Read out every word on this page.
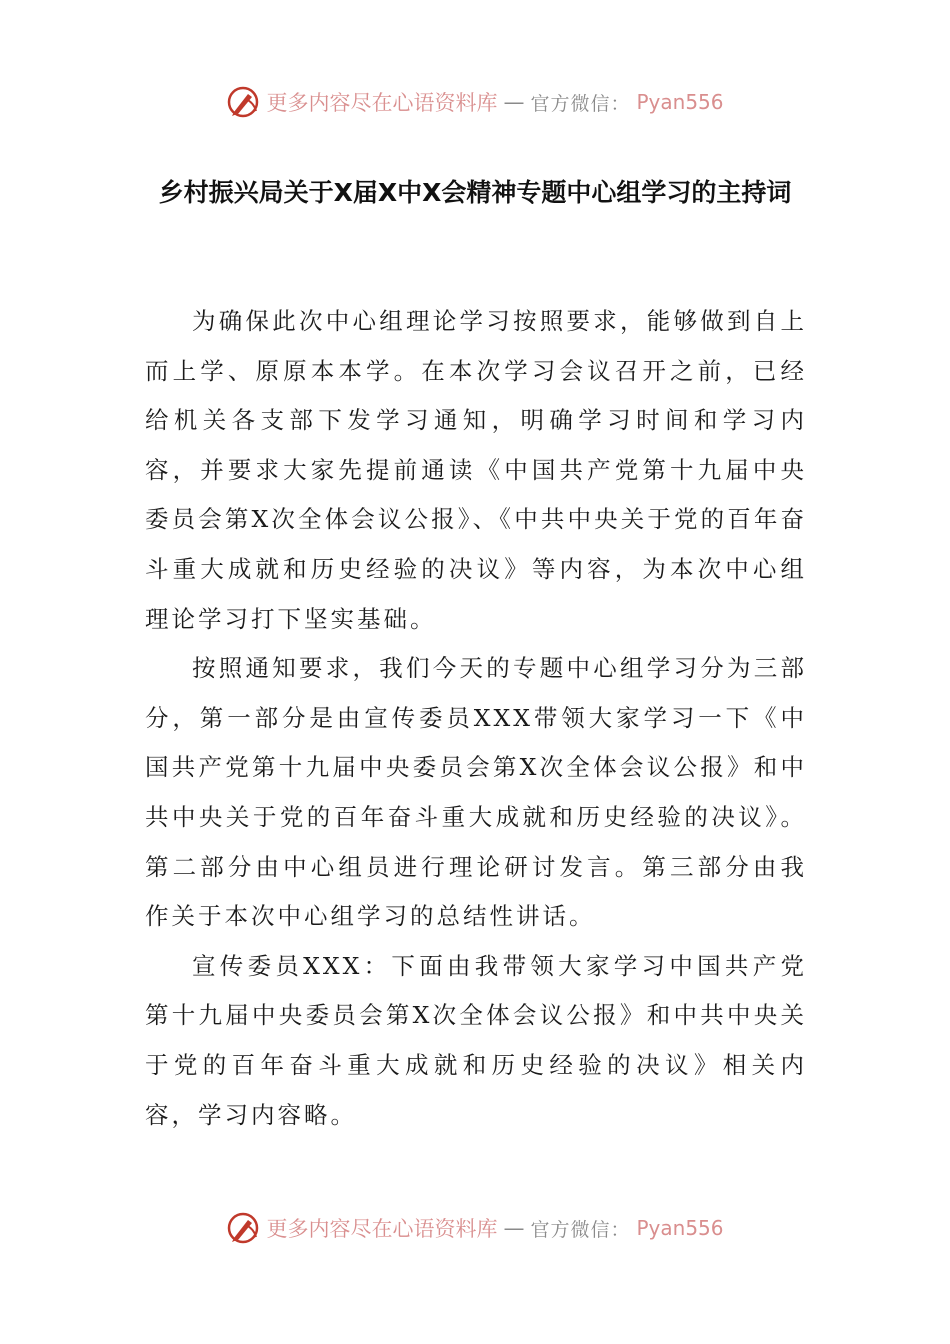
更多内容尽在心语资料库 — 官方微信： Pyan556
乡村振兴局关于X届X中X会精神专题中心组学习的主持词

为确保此次中心组理论学习按照要求，能够做到自上而上学、原原本本学。在本次学习会议召开之前，已经给机关各支部下发学习通知，明确学习时间和学习内容，并要求大家先提前通读《中国共产党第十九届中央委员会第X次全体会议公报》、《中共中央关于党的百年奋斗重大成就和历史经验的决议》等内容，为本次中心组理论学习打下坚实基础。

按照通知要求，我们今天的专题中心组学习分为三部分，第一部分是由宣传委员XXX带领大家学习一下《中国共产党第十九届中央委员会第X次全体会议公报》和中共中央关于党的百年奋斗重大成就和历史经验的决议》。第二部分由中心组员进行理论研讨发言。第三部分由我作关于本次中心组学习的总结性讲话。

宣传委员XXX：下面由我带领大家学习中国共产党第十九届中央委员会第X次全体会议公报》和中共中央关于党的百年奋斗重大成就和历史经验的决议》相关内容，学习内容略。

更多内容尽在心语资料库 — 官方微信： Pyan556
